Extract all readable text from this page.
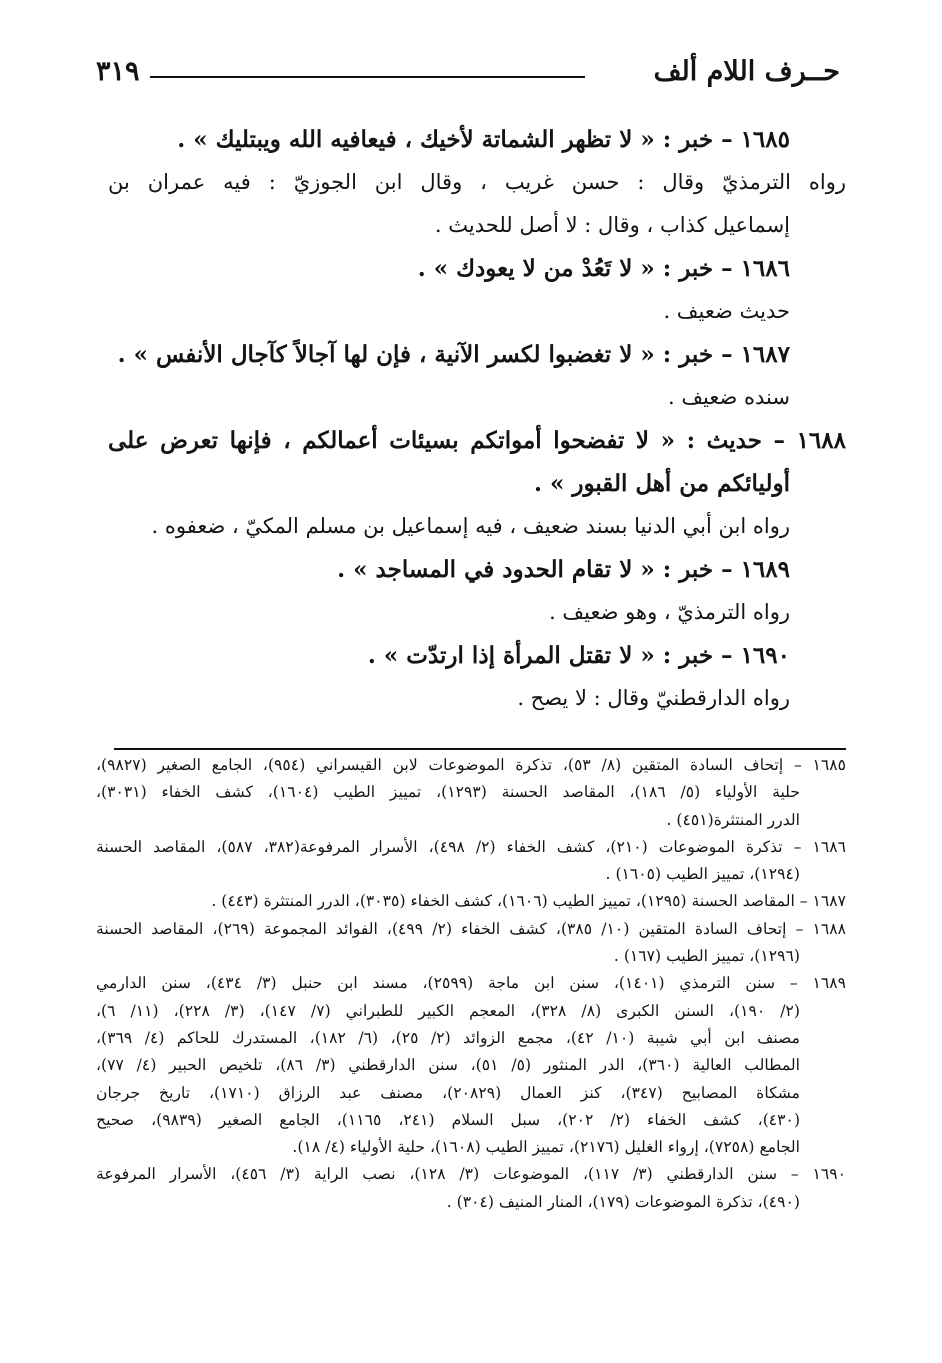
حــرف اللام ألف
٣١٩
١٦٨٥ – خبر : « لا تظهر الشماتة لأخيك ، فيعافيه الله ويبتليك » .
رواه الترمذيّ وقال : حسن غريب ، وقال ابن الجوزيّ : فيه عمران بن
إسماعيل كذاب ، وقال : لا أصل للحديث .
١٦٨٦ – خبر : « لا تَعُدْ من لا يعودك » .
حديث ضعيف .
١٦٨٧ – خبر : « لا تغضبوا لكسر الآنية ، فإن لها آجالاً كآجال الأنفس » .
سنده ضعيف .
١٦٨٨ – حديث : « لا تفضحوا أمواتكم بسيئات أعمالكم ، فإنها تعرض على
أوليائكم من أهل القبور » .
رواه ابن أبي الدنيا بسند ضعيف ، فيه إسماعيل بن مسلم المكيّ ، ضعفوه .
١٦٨٩ – خبر : « لا تقام الحدود في المساجد » .
رواه الترمذيّ ، وهو ضعيف .
١٦٩٠ – خبر : « لا تقتل المرأة إذا ارتدّت » .
رواه الدارقطنيّ وقال : لا يصح .
١٦٨٥ – إتحاف السادة المتقين (٨/ ٥٣)، تذكرة الموضوعات لابن القيسراني (٩٥٤)، الجامع الصغير (٩٨٢٧)،
حلية الأولياء (٥/ ١٨٦)، المقاصد الحسنة (١٢٩٣)، تمييز الطيب (١٦٠٤)، كشف الخفاء (٣٠٣١)،
الدرر المنتثرة(٤٥١) .
١٦٨٦ – تذكرة الموضوعات (٢١٠)، كشف الخفاء (٢/ ٤٩٨)، الأسرار المرفوعة(٣٨٢، ٥٨٧)، المقاصد الحسنة
(١٢٩٤)، تمييز الطيب (١٦٠٥) .
١٦٨٧ – المقاصد الحسنة (١٢٩٥)، تمييز الطيب (١٦٠٦)، كشف الخفاء (٣٠٣٥)، الدرر المنتثرة (٤٤٣) .
١٦٨٨ – إتحاف السادة المتقين (١٠/ ٣٨٥)، كشف الخفاء (٢/ ٤٩٩)، الفوائد المجموعة (٢٦٩)، المقاصد الحسنة
(١٢٩٦)، تمييز الطيب (١٦٧) .
١٦٨٩ – سنن الترمذي (١٤٠١)، سنن ابن ماجة (٢٥٩٩)، مسند ابن حنبل (٣/ ٤٣٤)، سنن الدارمي
(٢/ ١٩٠)، السنن الكبرى (٨/ ٣٢٨)، المعجم الكبير للطبراني (٧/ ١٤٧)، (٣/ ٢٢٨)، (١١/ ٦)،
مصنف ابن أبي شيبة (١٠/ ٤٢)، مجمع الزوائد (٢/ ٢٥)، (٦/ ١٨٢)، المستدرك للحاكم (٤/ ٣٦٩)،
المطالب العالية (٣٦٠)، الدر المنثور (٥/ ٥١)، سنن الدارقطني (٣/ ٨٦)، تلخيص الحبير (٤/ ٧٧)،
مشكاة المصابيح (٣٤٧)، كنز العمال (٢٠٨٢٩)، مصنف عبد الرزاق (١٧١٠)، تاريخ جرجان
(٤٣٠)، كشف الخفاء (٢/ ٢٠٢)، سبل السلام (٢٤١، ١١٦٥)، الجامع الصغير (٩٨٣٩)، صحيح
الجامع (٧٢٥٨)، إرواء الغليل (٢١٧٦)، تمييز الطيب (١٦٠٨)، حلية الأولياء (٤/ ١٨).
١٦٩٠ – سنن الدارقطني (٣/ ١١٧)، الموضوعات (٣/ ١٢٨)، نصب الراية (٣/ ٤٥٦)، الأسرار المرفوعة
(٤٩٠)، تذكرة الموضوعات (١٧٩)، المنار المنيف (٣٠٤) .
